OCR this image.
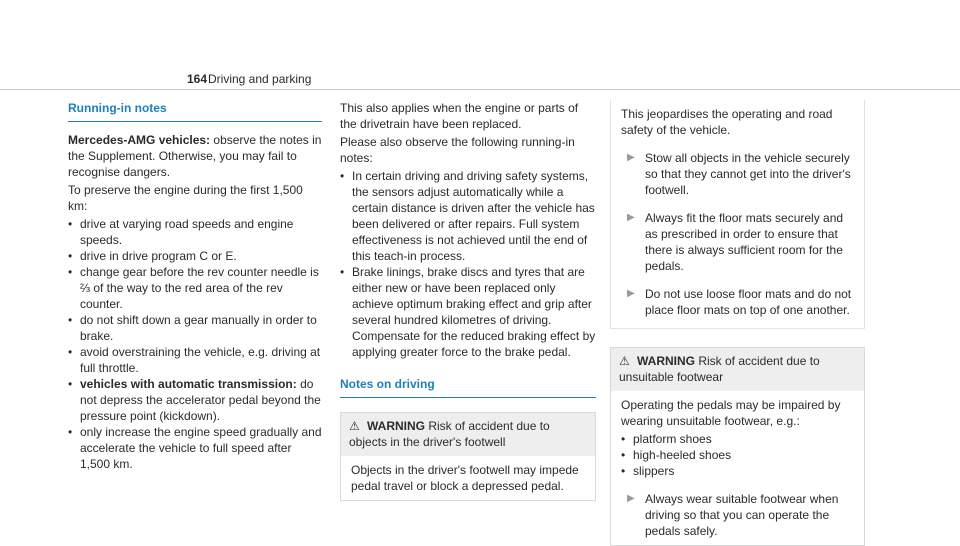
164 Driving and parking
Running-in notes

Mercedes-AMG vehicles: observe the notes in the Supplement. Otherwise, you may fail to recognise dangers.

To preserve the engine during the first 1,500 km:

• drive at varying road speeds and engine speeds.
• drive in drive program C or E.
• change gear before the rev counter needle is ⅔ of the way to the red area of the rev counter.
• do not shift down a gear manually in order to brake.
• avoid overstraining the vehicle, e.g. driving at full throttle.
• vehicles with automatic transmission: do not depress the accelerator pedal beyond the pressure point (kickdown).
• only increase the engine speed gradually and accelerate the vehicle to full speed after 1,500 km.

This also applies when the engine or parts of the drivetrain have been replaced.

Please also observe the following running-in notes:

• In certain driving and driving safety systems, the sensors adjust automatically while a certain distance is driven after the vehicle has been delivered or after repairs. Full system effectiveness is not achieved until the end of this teach-in process.
• Brake linings, brake discs and tyres that are either new or have been replaced only achieve optimum braking effect and grip after several hundred kilometres of driving. Compensate for the reduced braking effect by applying greater force to the brake pedal.
Notes on driving
⚠ WARNING Risk of accident due to objects in the driver's footwell
Objects in the driver's footwell may impede pedal travel or block a depressed pedal.

This jeopardises the operating and road safety of the vehicle.

▶ Stow all objects in the vehicle securely so that they cannot get into the driver's footwell.
▶ Always fit the floor mats securely and as prescribed in order to ensure that there is always sufficient room for the pedals.
▶ Do not use loose floor mats and do not place floor mats on top of one another.
⚠ WARNING Risk of accident due to unsuitable footwear

Operating the pedals may be impaired by wearing unsuitable footwear, e.g.:

• platform shoes
• high-heeled shoes
• slippers
▶ Always wear suitable footwear when driving so that you can operate the pedals safely.
